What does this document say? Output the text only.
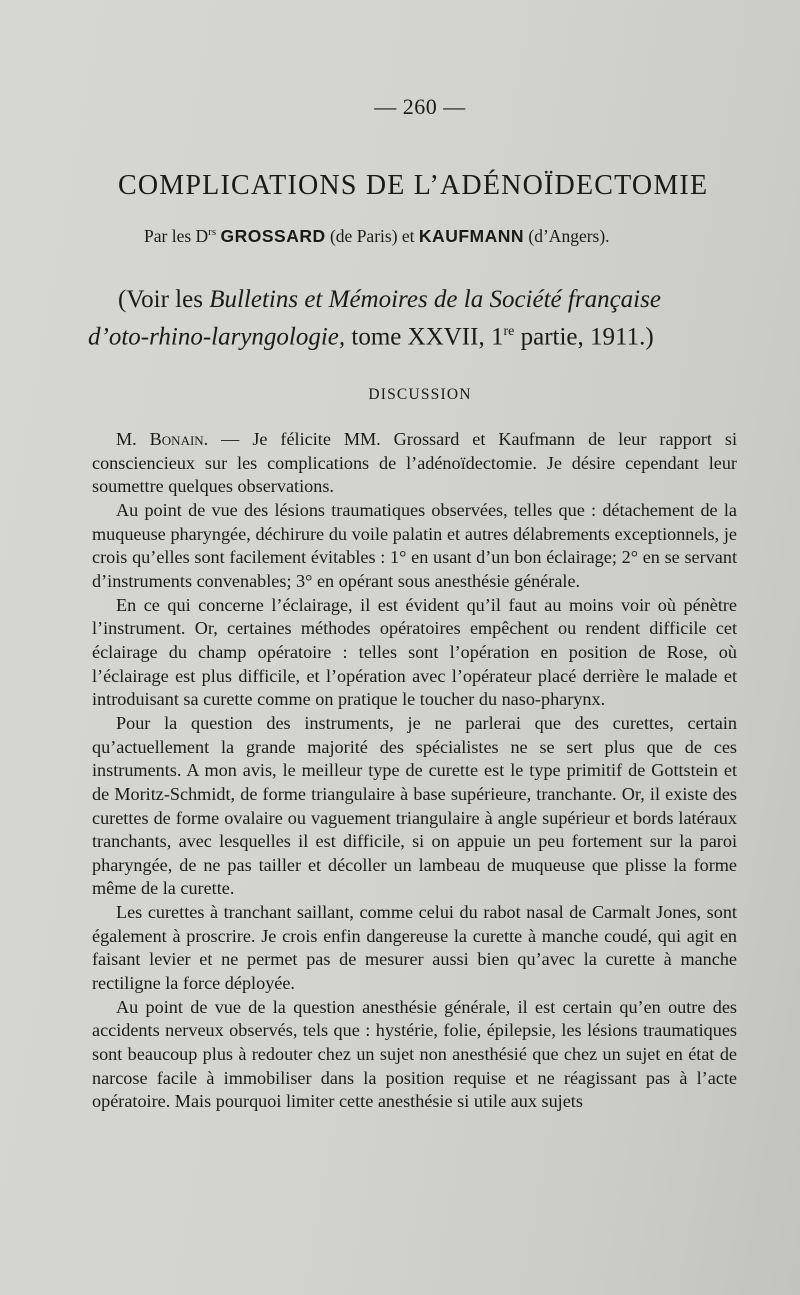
— 260 —
COMPLICATIONS DE L’ADÉNOÏDECTOMIE
Par les $D^{rs}$ GROSSARD (de Paris) et KAUFMANN (d’Angers).
(Voir les Bulletins et Mémoires de la Société française
d’oto-rhino-laryngologie, tome XXVII, 1re partie, 1911.)
DISCUSSION

M. Bonain. — Je félicite MM. Grossard et Kaufmann de leur rapport si consciencieux sur les complications de l’adénoïdectomie. Je désire cependant leur soumettre quelques observations.

Au point de vue des lésions traumatiques observées, telles que : détachement de la muqueuse pharyngée, déchirure du voile palatin et autres délabrements exceptionnels, je crois qu’elles sont facilement évitables : 1° en usant d’un bon éclairage; 2° en se servant d’instruments convenables; 3° en opérant sous anesthésie générale.

En ce qui concerne l’éclairage, il est évident qu’il faut au moins voir où pénètre l’instrument. Or, certaines méthodes opératoires empêchent ou rendent difficile cet éclairage du champ opératoire : telles sont l’opération en position de Rose, où l’éclairage est plus difficile, et l’opération avec l’opérateur placé derrière le malade et introduisant sa curette comme on pratique le toucher du naso-pharynx.

Pour la question des instruments, je ne parlerai que des curettes, certain qu’actuellement la grande majorité des spécialistes ne se sert plus que de ces instruments. A mon avis, le meilleur type de curette est le type primitif de Gottstein et de Moritz-Schmidt, de forme triangulaire à base supérieure, tranchante. Or, il existe des curettes de forme ovalaire ou vaguement triangulaire à angle supérieur et bords latéraux tranchants, avec lesquelles il est difficile, si on appuie un peu fortement sur la paroi pharyngée, de ne pas tailler et décoller un lambeau de muqueuse que plisse la forme même de la curette.

Les curettes à tranchant saillant, comme celui du rabot nasal de Carmalt Jones, sont également à proscrire. Je crois enfin dangereuse la curette à manche coudé, qui agit en faisant levier et ne permet pas de mesurer aussi bien qu’avec la curette à manche rectiligne la force déployée.

Au point de vue de la question anesthésie générale, il est certain qu’en outre des accidents nerveux observés, tels que : hystérie, folie, épilepsie, les lésions traumatiques sont beaucoup plus à redouter chez un sujet non anesthésié que chez un sujet en état de narcose facile à immobiliser dans la position requise et ne réagissant pas à l’acte opératoire. Mais pourquoi limiter cette anesthésie si utile aux sujets
